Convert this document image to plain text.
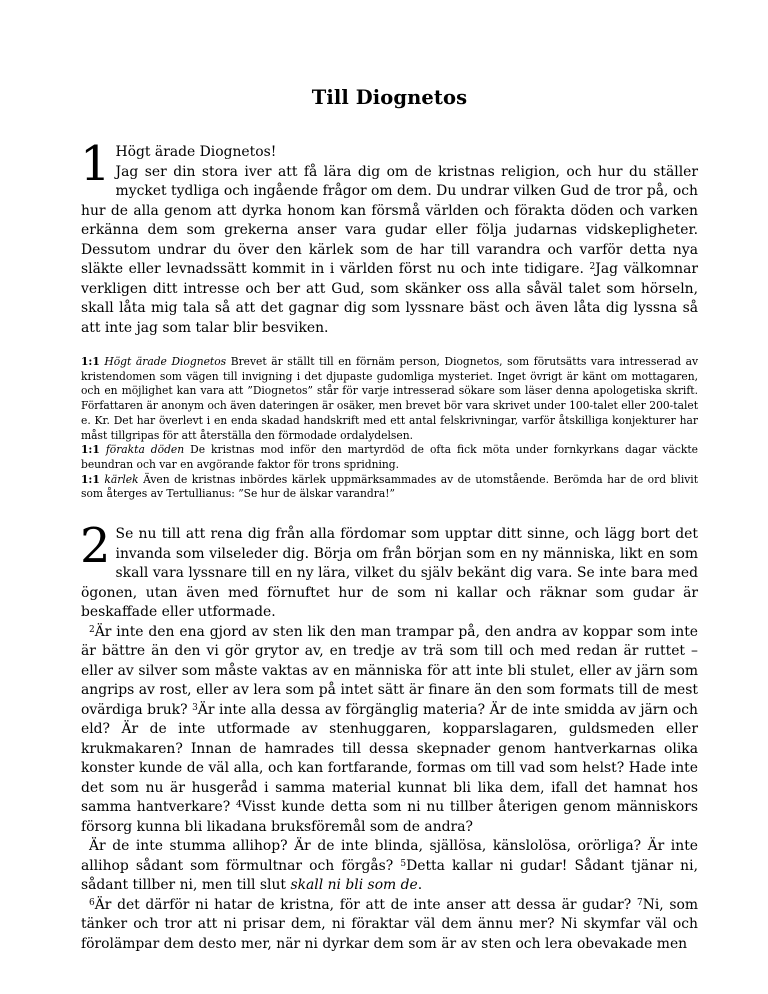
Till Diognetos
1 Högt ärade Diognetos!
Jag ser din stora iver att få lära dig om de kristnas religion, och hur du ställer mycket tydliga och ingående frågor om dem. Du undrar vilken Gud de tror på, och hur de alla genom att dyrka honom kan försmå världen och förakta döden och varken erkänna dem som grekerna anser vara gudar eller följa judarnas vidskepligheter. Dessutom undrar du över den kärlek som de har till varandra och varför detta nya släkte eller levnadssätt kommit in i världen först nu och inte tidigare. $^2$Jag välkomnar verkligen ditt intresse och ber att Gud, som skänker oss alla såväl talet som hörseln, skall låta mig tala så att det gagnar dig som lyssnare bäst och även låta dig lyssna så att inte jag som talar blir besviken.

1:1 Högt ärade Diognetos Brevet är ställt till en förnäm person, Diognetos, som förutsätts vara intresserad av kristendomen som vägen till invigning i det djupaste gudomliga mysteriet. Inget övrigt är känt om mottagaren, och en möjlighet kan vara att ”Diognetos” står för varje intresserad sökare som läser denna apologetiska skrift. Författaren är anonym och även dateringen är osäker, men brevet bör vara skrivet under 100-talet eller 200-talet e. Kr. Det har överlevt i en enda skadad handskrift med ett antal felskrivningar, varför åtskilliga konjekturer har måst tillgripas för att återställa den förmodade ordalydelsen.

1:1 förakta döden De kristnas mod inför den martyrdöd de ofta fick möta under fornkyrkans dagar väckte beundran och var en avgörande faktor för trons spridning.

1:1 kärlek Även de kristnas inbördes kärlek uppmärksammades av de utomstående. Berömda har de ord blivit som återges av Tertullianus: ”Se hur de älskar varandra!”

2 Se nu till att rena dig från alla fördomar som upptar ditt sinne, och lägg bort det invanda som vilseleder dig. Börja om från början som en ny människa, likt en som skall vara lyssnare till en ny lära, vilket du själv bekänt dig vara. Se inte bara med ögonen, utan även med förnuftet hur de som ni kallar och räknar som gudar är beskaffade eller utformade.

$^2$Är inte den ena gjord av sten lik den man trampar på, den andra av koppar som inte är bättre än den vi gör grytor av, en tredje av trä som till och med redan är ruttet – eller av silver som måste vaktas av en människa för att inte bli stulet, eller av järn som angrips av rost, eller av lera som på intet sätt är finare än den som formats till de mest ovärdiga bruk? $^3$Är inte alla dessa av förgänglig materia? Är de inte smidda av järn och eld? Är de inte utformade av stenhuggaren, kopparslagaren, guldsmeden eller krukmakaren? Innan de hamrades till dessa skepnader genom hantverkarnas olika konster kunde de väl alla, och kan fortfarande, formas om till vad som helst? Hade inte det som nu är husgeråd i samma material kunnat bli lika dem, ifall det hamnat hos samma hantverkare? $^4$Visst kunde detta som ni nu tillber återigen genom människors försorg kunna bli likadana bruksföremål som de andra?

Är de inte stumma allihop? Är de inte blinda, själlösa, känslolösa, orörliga? Är inte allihop sådant som förmultnar och förgås? $^5$Detta kallar ni gudar! Sådant tjänar ni, sådant tillber ni, men till slut skall ni bli som de.

$^6$Är det därför ni hatar de kristna, för att de inte anser att dessa är gudar? $^7$Ni, som tänker och tror att ni prisar dem, ni föraktar väl dem ännu mer? Ni skymfar väl och förolämpar dem desto mer, när ni dyrkar dem som är av sten och lera obevakade men
